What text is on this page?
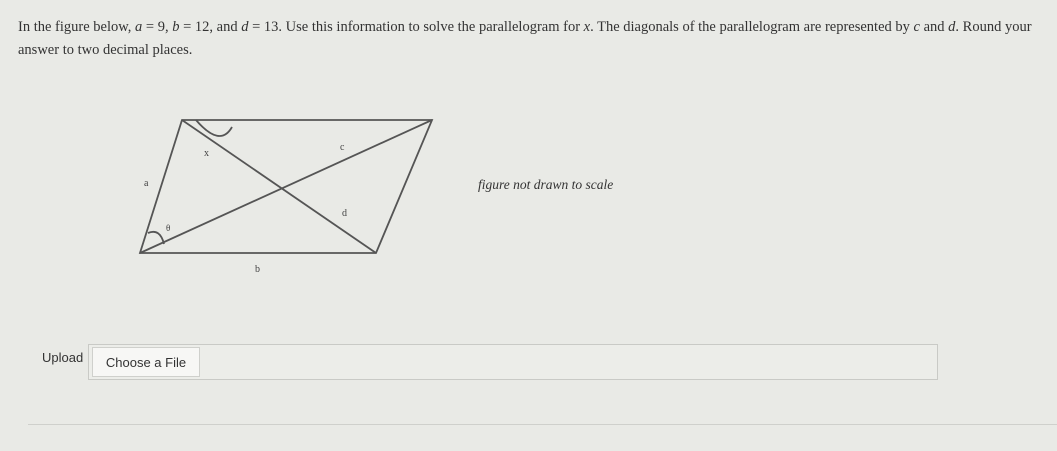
In the figure below, a = 9, b = 12, and d = 13. Use this information to solve the parallelogram for x. The diagonals of the parallelogram are represented by c and d. Round your answer to two decimal places.
a
x
θ
c
d
b
figure not drawn to scale
Upload	Choose a File
